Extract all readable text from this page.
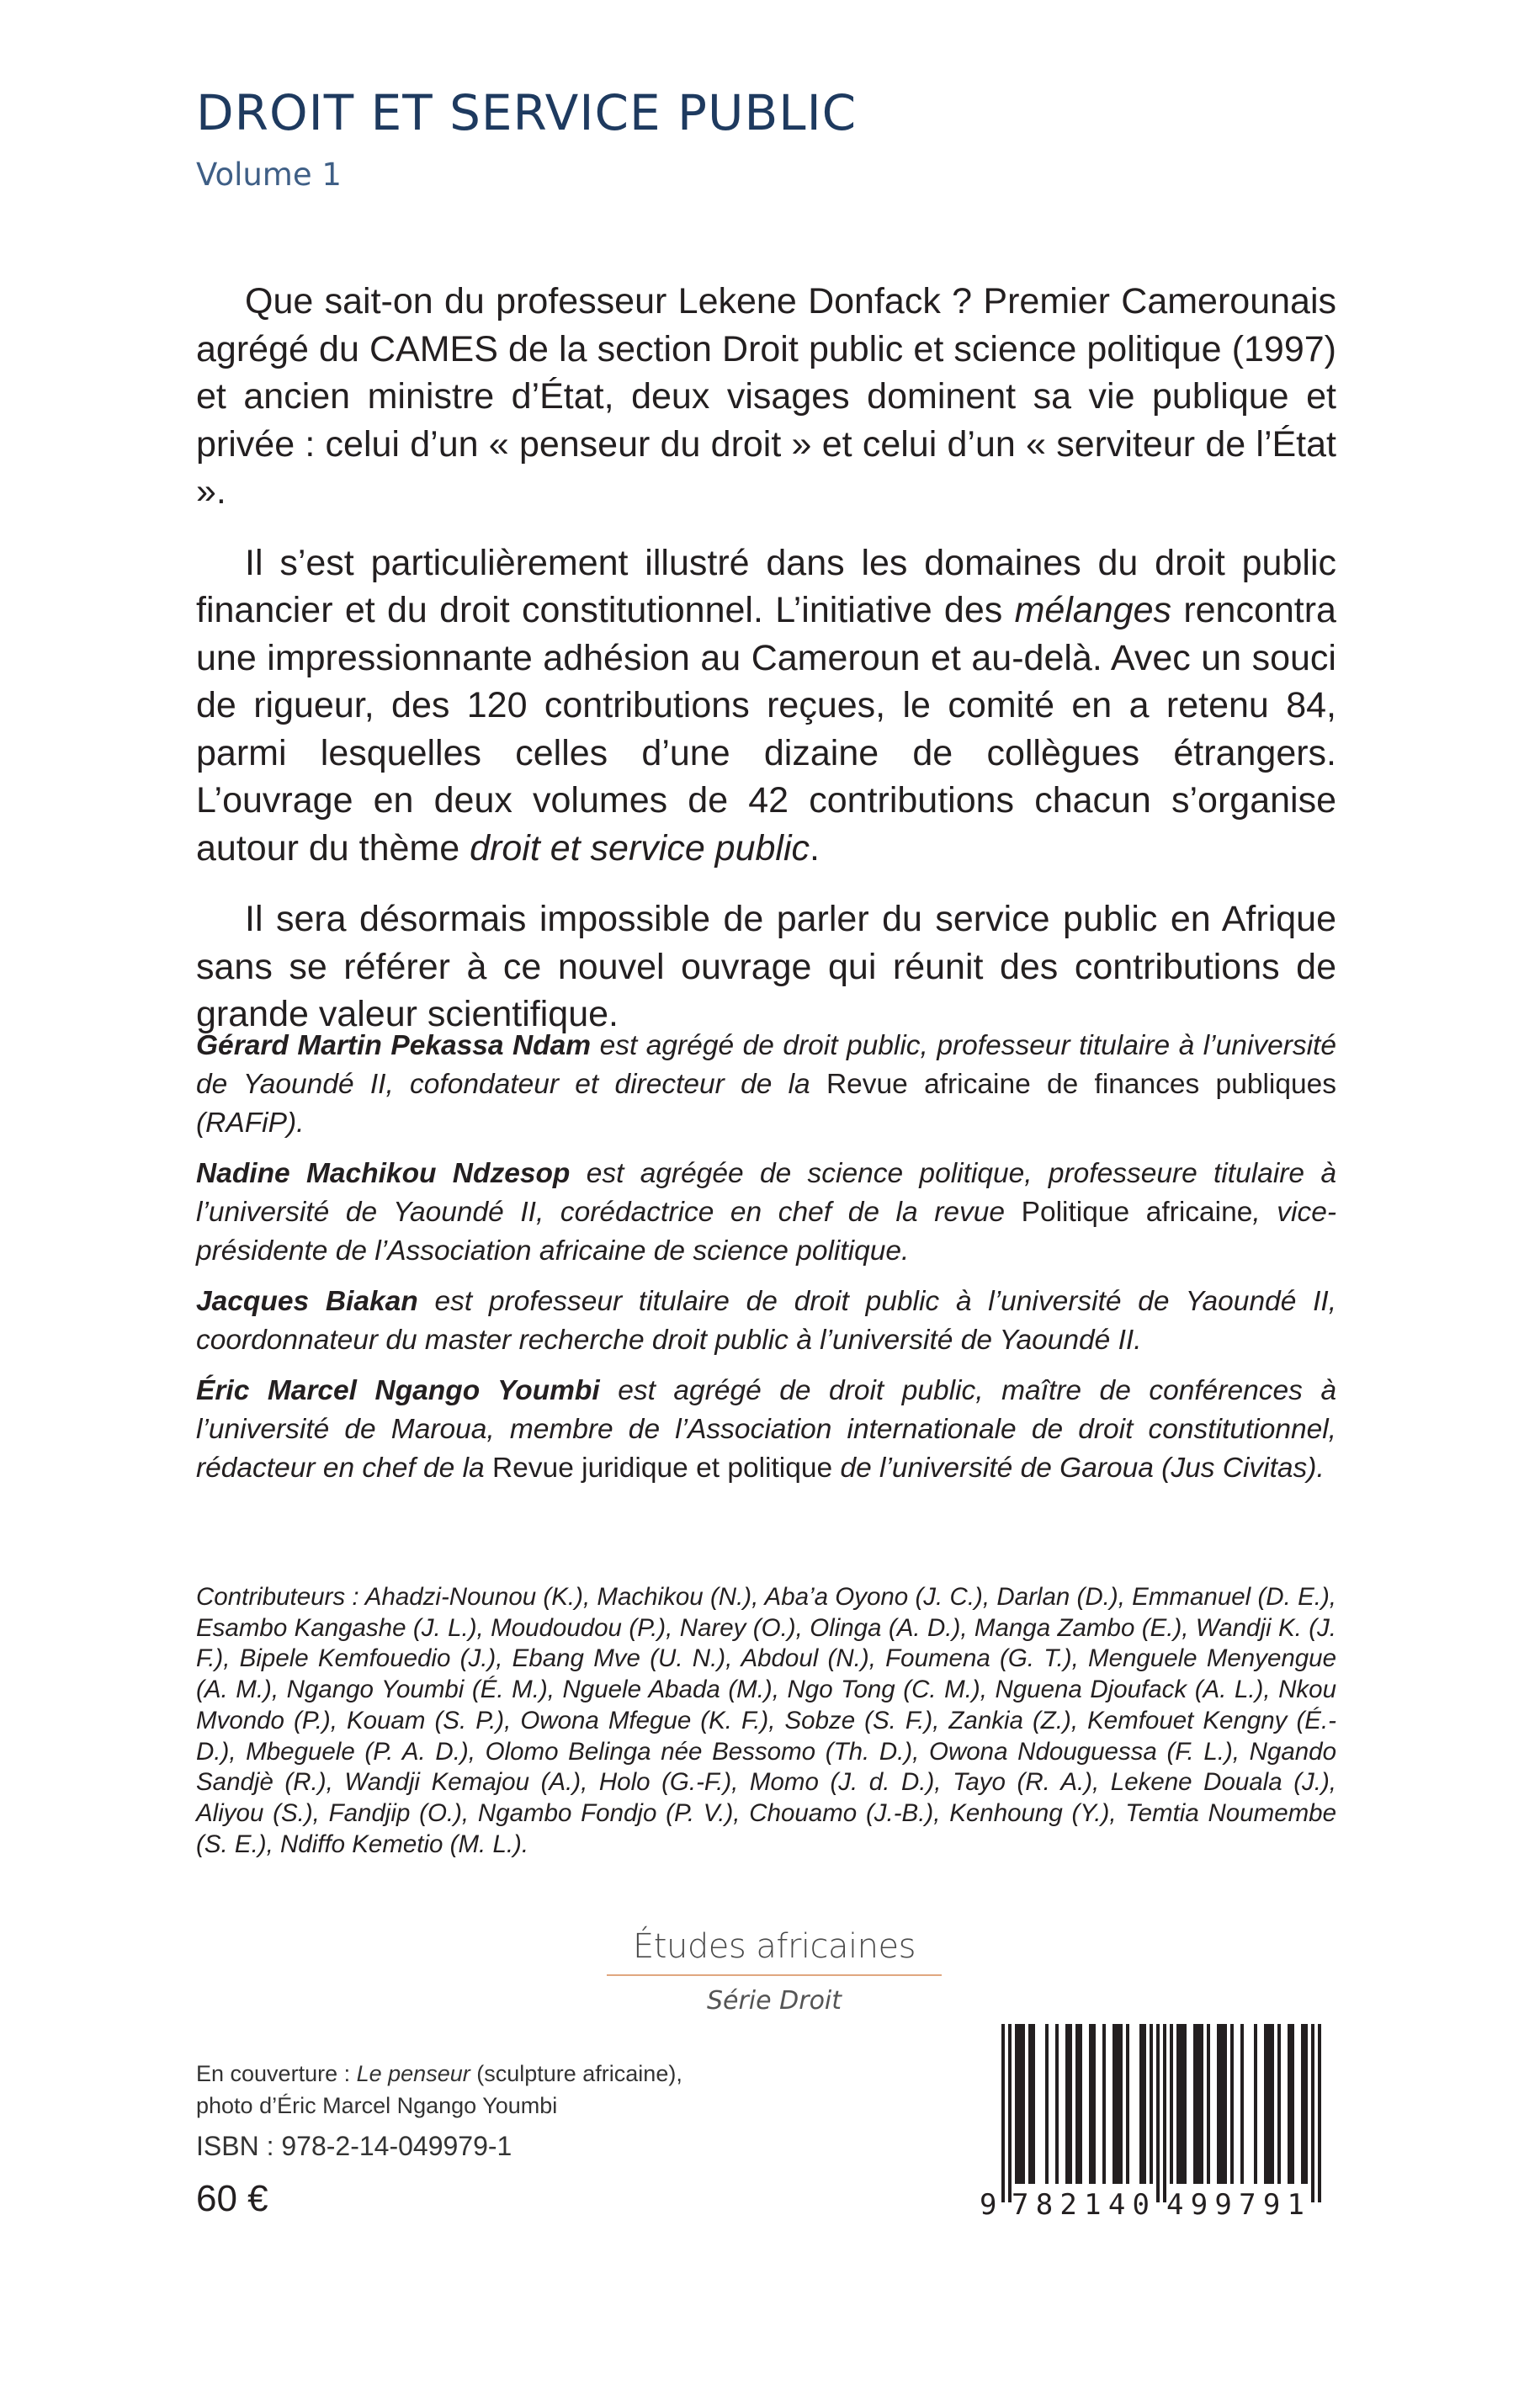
DROIT ET SERVICE PUBLIC
Volume 1

Que sait-on du professeur Lekene Donfack ? Premier Camerounais agrégé du CAMES de la section Droit public et science politique (1997) et ancien ministre d’État, deux visages dominent sa vie publique et privée : celui d’un « penseur du droit » et celui d’un « serviteur de l’État ».

Il s’est particulièrement illustré dans les domaines du droit public financier et du droit constitutionnel. L’initiative des mélanges rencontra une impressionnante adhésion au Cameroun et au-delà. Avec un souci de rigueur, des 120 contributions reçues, le comité en a retenu 84, parmi lesquelles celles d’une dizaine de collègues étrangers. L’ouvrage en deux volumes de 42 contributions chacun s’organise autour du thème droit et service public.

Il sera désormais impossible de parler du service public en Afrique sans se référer à ce nouvel ouvrage qui réunit des contributions de grande valeur scientifique.

Gérard Martin Pekassa Ndam est agrégé de droit public, professeur titulaire à l’université de Yaoundé II, cofondateur et directeur de la Revue africaine de finances publiques (RAFiP).

Nadine Machikou Ndzesop est agrégée de science politique, professeure titulaire à l’université de Yaoundé II, corédactrice en chef de la revue Politique africaine, vice-présidente de l’Association africaine de science politique.

Jacques Biakan est professeur titulaire de droit public à l’université de Yaoundé II, coordonnateur du master recherche droit public à l’université de Yaoundé II.

Éric Marcel Ngango Youmbi est agrégé de droit public, maître de conférences à l’université de Maroua, membre de l’Association internationale de droit constitutionnel, rédacteur en chef de la Revue juridique et politique de l’université de Garoua (Jus Civitas).

Contributeurs : Ahadzi-Nounou (K.), Machikou (N.), Aba’a Oyono (J. C.), Darlan (D.), Emmanuel (D. E.), Esambo Kangashe (J. L.), Moudoudou (P.), Narey (O.), Olinga (A. D.), Manga Zambo (E.), Wandji K. (J. F.), Bipele Kemfouedio (J.), Ebang Mve (U. N.), Abdoul (N.), Foumena (G. T.), Menguele Menyengue (A. M.), Ngango Youmbi (É. M.), Nguele Abada (M.), Ngo Tong (C. M.), Nguena Djoufack (A. L.), Nkou Mvondo (P.), Kouam (S. P.), Owona Mfegue (K. F.), Sobze (S. F.), Zankia (Z.), Kemfouet Kengny (É.-D.), Mbeguele (P. A. D.), Olomo Belinga née Bessomo (Th. D.), Owona Ndouguessa (F. L.), Ngando Sandjè (R.), Wandji Kemajou (A.), Holo (G.-F.), Momo (J. d. D.), Tayo (R. A.), Lekene Douala (J.), Aliyou (S.), Fandjip (O.), Ngambo Fondjo (P. V.), Chouamo (J.-B.), Kenhoung (Y.), Temtia Noumembe (S. E.), Ndiffo Kemetio (M. L.).
Études africaines
Série Droit
En couverture : Le penseur (sculpture africaine),
photo d’Éric Marcel Ngango Youmbi
ISBN : 978-2-14-049979-1
60 €	9 782140 499791
